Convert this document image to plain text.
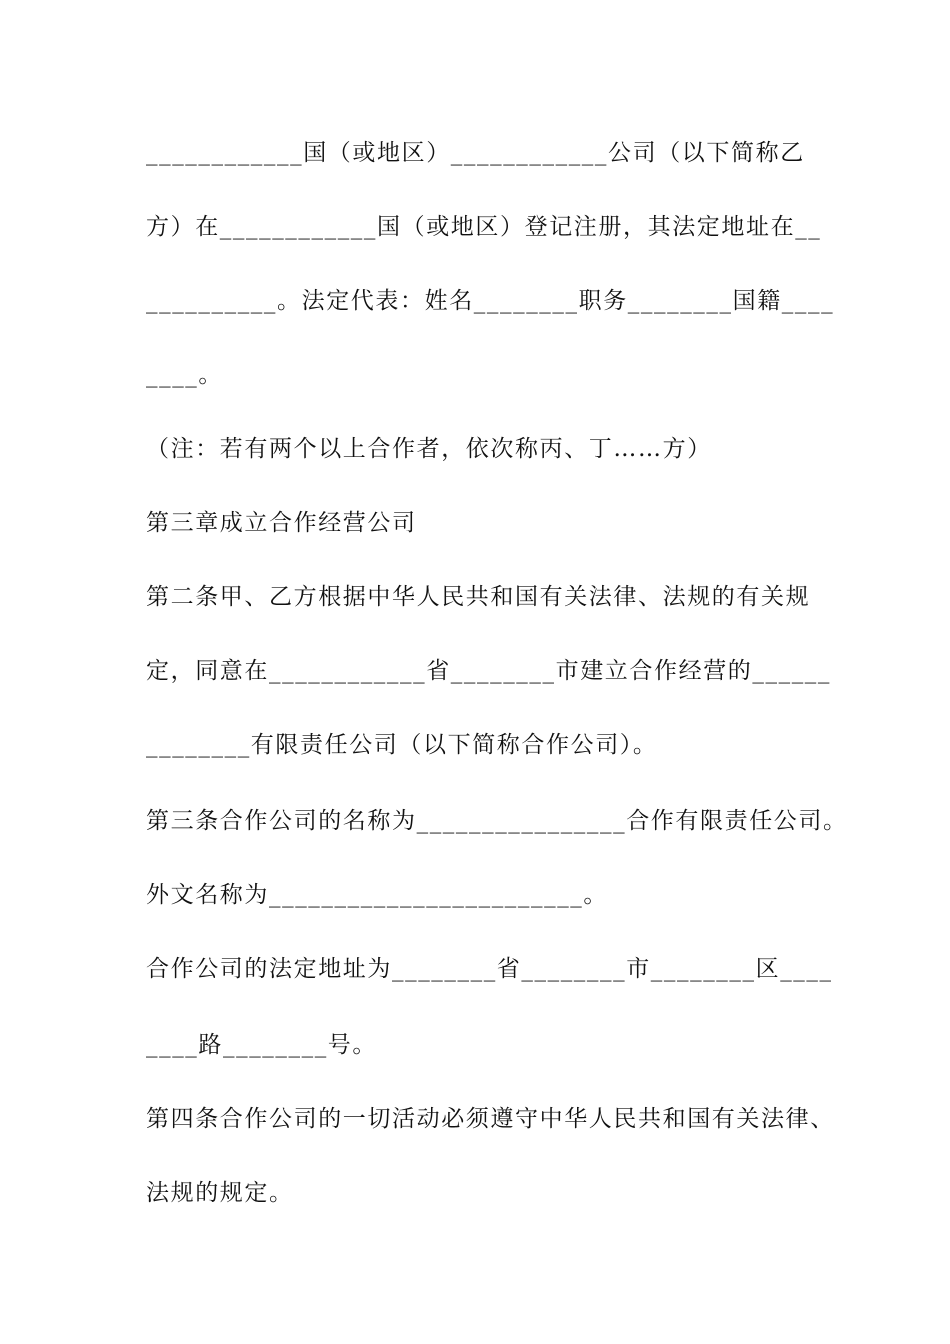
____________国（或地区）____________公司（以下简称乙
方）在____________国（或地区）登记注册，其法定地址在__
__________。法定代表：姓名________职务________国籍____
____。
（注：若有两个以上合作者，依次称丙、丁……方）
第三章成立合作经营公司
第二条甲、乙方根据中华人民共和国有关法律、法规的有关规
定，同意在____________省________市建立合作经营的______
________有限责任公司（以下简称合作公司）。
第三条合作公司的名称为________________合作有限责任公司。
外文名称为________________________。
合作公司的法定地址为________省________市________区____
____路________号。
第四条合作公司的一切活动必须遵守中华人民共和国有关法律、
法规的规定。
